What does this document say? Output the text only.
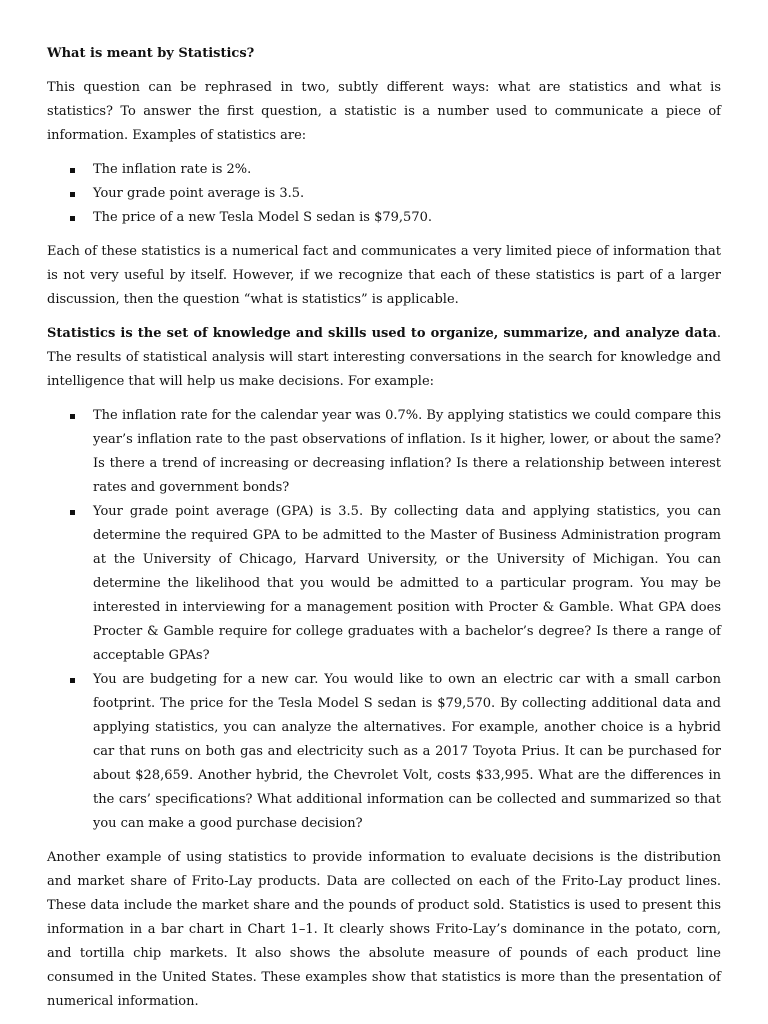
What is meant by Statistics?

This question can be rephrased in two, subtly different ways: what are statistics and what is statistics? To answer the first question, a statistic is a number used to communicate a piece of information. Examples of statistics are:

The inflation rate is 2%.
Your grade point average is 3.5.
The price of a new Tesla Model S sedan is $79,570.

Each of these statistics is a numerical fact and communicates a very limited piece of information that is not very useful by itself. However, if we recognize that each of these statistics is part of a larger discussion, then the question “what is statistics” is applicable.

Statistics is the set of knowledge and skills used to organize, summarize, and analyze data. The results of statistical analysis will start interesting conversations in the search for knowledge and intelligence that will help us make decisions. For example:

The inflation rate for the calendar year was 0.7%. By applying statistics we could compare this year’s inflation rate to the past observations of inflation. Is it higher, lower, or about the same? Is there a trend of increasing or decreasing inflation? Is there a relationship between interest rates and government bonds?
Your grade point average (GPA) is 3.5. By collecting data and applying statistics, you can determine the required GPA to be admitted to the Master of Business Administration program at the University of Chicago, Harvard University, or the University of Michigan. You can determine the likelihood that you would be admitted to a particular program. You may be interested in interviewing for a management position with Procter & Gamble. What GPA does Procter & Gamble require for college graduates with a bachelor’s degree? Is there a range of acceptable GPAs?
You are budgeting for a new car. You would like to own an electric car with a small carbon footprint. The price for the Tesla Model S sedan is $79,570. By collecting additional data and applying statistics, you can analyze the alternatives. For example, another choice is a hybrid car that runs on both gas and electricity such as a 2017 Toyota Prius. It can be purchased for about $28,659. Another hybrid, the Chevrolet Volt, costs $33,995. What are the differences in the cars’ specifications? What additional information can be collected and summarized so that you can make a good purchase decision?

Another example of using statistics to provide information to evaluate decisions is the distribution and market share of Frito-Lay products. Data are collected on each of the Frito-Lay product lines. These data include the market share and the pounds of product sold. Statistics is used to present this information in a bar chart in Chart 1–1. It clearly shows Frito-Lay’s dominance in the potato, corn, and tortilla chip markets. It also shows the absolute measure of pounds of each product line consumed in the United States. These examples show that statistics is more than the presentation of numerical information.
